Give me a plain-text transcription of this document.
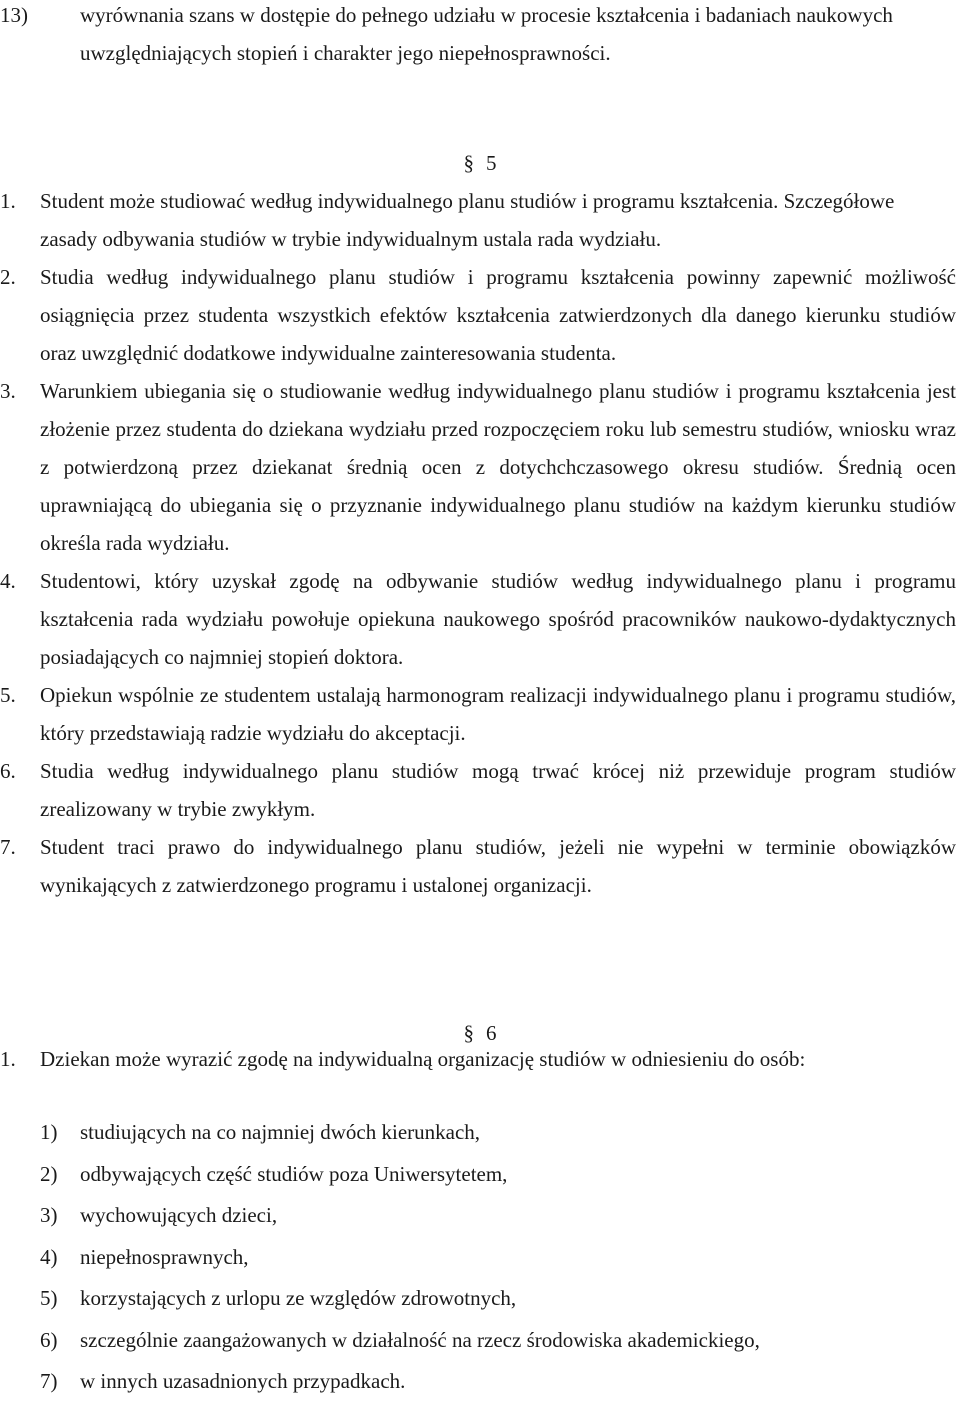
13)	wyrównania szans w dostępie do pełnego udziału w procesie kształcenia i badaniach naukowych uwzględniających stopień i charakter jego niepełnosprawności.
§ 5
1.	Student może studiować według indywidualnego planu studiów i programu kształcenia. Szczegółowe zasady odbywania studiów w trybie indywidualnym ustala rada wydziału.
2.	Studia według indywidualnego planu studiów i programu kształcenia powinny zapewnić możliwość osiągnięcia przez studenta wszystkich efektów kształcenia zatwierdzonych dla danego kierunku studiów oraz uwzględnić dodatkowe indywidualne zainteresowania studenta.
3.	Warunkiem ubiegania się o studiowanie według indywidualnego planu studiów i programu kształcenia jest złożenie przez studenta do dziekana wydziału przed rozpoczęciem roku lub semestru studiów, wniosku wraz z potwierdzoną przez dziekanat średnią ocen z dotychchczasowego okresu studiów. Średnią ocen uprawniającą do ubiegania się o przyznanie indywidualnego planu studiów na każdym kierunku studiów określa rada wydziału.
4.	Studentowi, który uzyskał zgodę na odbywanie studiów według indywidualnego planu i programu kształcenia rada wydziału powołuje opiekuna naukowego spośród pracowników naukowo-dydaktycznych posiadających co najmniej stopień doktora.
5.	Opiekun wspólnie ze studentem ustalają harmonogram realizacji indywidualnego planu i programu studiów, który przedstawiają radzie wydziału do akceptacji.
6.	Studia według indywidualnego planu studiów mogą trwać krócej niż przewiduje program studiów zrealizowany w trybie zwykłym.
7.	Student traci prawo do indywidualnego planu studiów, jeżeli nie wypełni w terminie obowiązków wynikających z zatwierdzonego programu i ustalonej organizacji.
§ 6
1.	Dziekan może wyrazić zgodę na indywidualną organizację studiów w odniesieniu do osób:
1)	studiujących na co najmniej dwóch kierunkach,
2)	odbywających część studiów poza Uniwersytetem,
3)	wychowujących dzieci,
4)	niepełnosprawnych,
5)	korzystających z urlopu ze względów zdrowotnych,
6)	szczególnie zaangażowanych w działalność na rzecz środowiska akademickiego,
7)	w innych uzasadnionych przypadkach.
